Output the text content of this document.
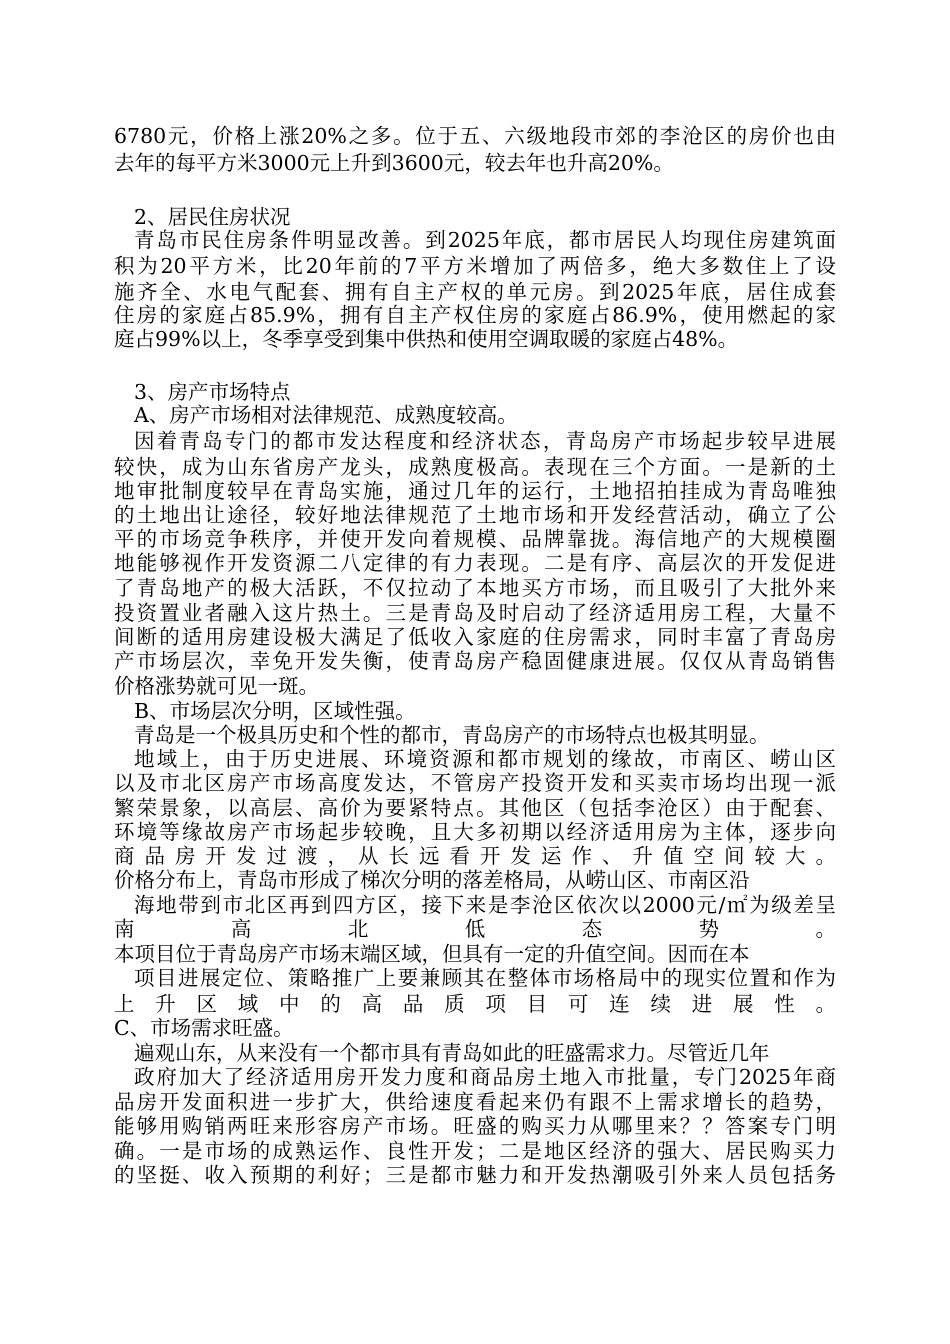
6780元，价格上涨20%之多。位于五、六级地段市郊的李沧区的房价也由

去年的每平方米3000元上升到3600元，较去年也升高20%。

2、居民住房状况

青岛市民住房条件明显改善。到2025年底，都市居民人均现住房建筑面

积为20平方米，比20年前的7平方米增加了两倍多，绝大多数住上了设

施齐全、水电气配套、拥有自主产权的单元房。到2025年底，居住成套

住房的家庭占85.9%，拥有自主产权住房的家庭占86.9%，使用燃起的家

庭占99%以上，冬季享受到集中供热和使用空调取暖的家庭占48%。

3、房产市场特点

A、房产市场相对法律规范、成熟度较高。

因着青岛专门的都市发达程度和经济状态，青岛房产市场起步较早进展

较快，成为山东省房产龙头，成熟度极高。表现在三个方面。一是新的土

地审批制度较早在青岛实施，通过几年的运行，土地招拍挂成为青岛唯独

的土地出让途径，较好地法律规范了土地市场和开发经营活动，确立了公

平的市场竞争秩序，并使开发向着规模、品牌靠拢。海信地产的大规模圈

地能够视作开发资源二八定律的有力表现。二是有序、高层次的开发促进

了青岛地产的极大活跃，不仅拉动了本地买方市场，而且吸引了大批外来

投资置业者融入这片热土。三是青岛及时启动了经济适用房工程，大量不

间断的适用房建设极大满足了低收入家庭的住房需求，同时丰富了青岛房

产市场层次，幸免开发失衡，使青岛房产稳固健康进展。仅仅从青岛销售

价格涨势就可见一斑。

B、市场层次分明，区域性强。

青岛是一个极具历史和个性的都市，青岛房产的市场特点也极其明显。

地域上，由于历史进展、环境资源和都市规划的缘故，市南区、崂山区

以及市北区房产市场高度发达，不管房产投资开发和买卖市场均出现一派

繁荣景象，以高层、高价为要紧特点。其他区（包括李沧区）由于配套、

环境等缘故房产市场起步较晚，且大多初期以经济适用房为主体，逐步向

商品房开发过渡，从长远看开发运作、升值空间较大。

价格分布上，青岛市形成了梯次分明的落差格局，从崂山区、市南区沿

海地带到市北区再到四方区，接下来是李沧区依次以2000元/㎡为级差呈

南高北低态势。

本项目位于青岛房产市场末端区域，但具有一定的升值空间。因而在本

项目进展定位、策略推广上要兼顾其在整体市场格局中的现实位置和作为

上升区域中的高品质项目可连续进展性。

C、市场需求旺盛。

遍观山东，从来没有一个都市具有青岛如此的旺盛需求力。尽管近几年

政府加大了经济适用房开发力度和商品房土地入市批量，专门2025年商

品房开发面积进一步扩大，供给速度看起来仍有跟不上需求增长的趋势，

能够用购销两旺来形容房产市场。旺盛的购买力从哪里来？？答案专门明

确。一是市场的成熟运作、良性开发；二是地区经济的强大、居民购买力

的坚挺、收入预期的利好；三是都市魅力和开发热潮吸引外来人员包括务
